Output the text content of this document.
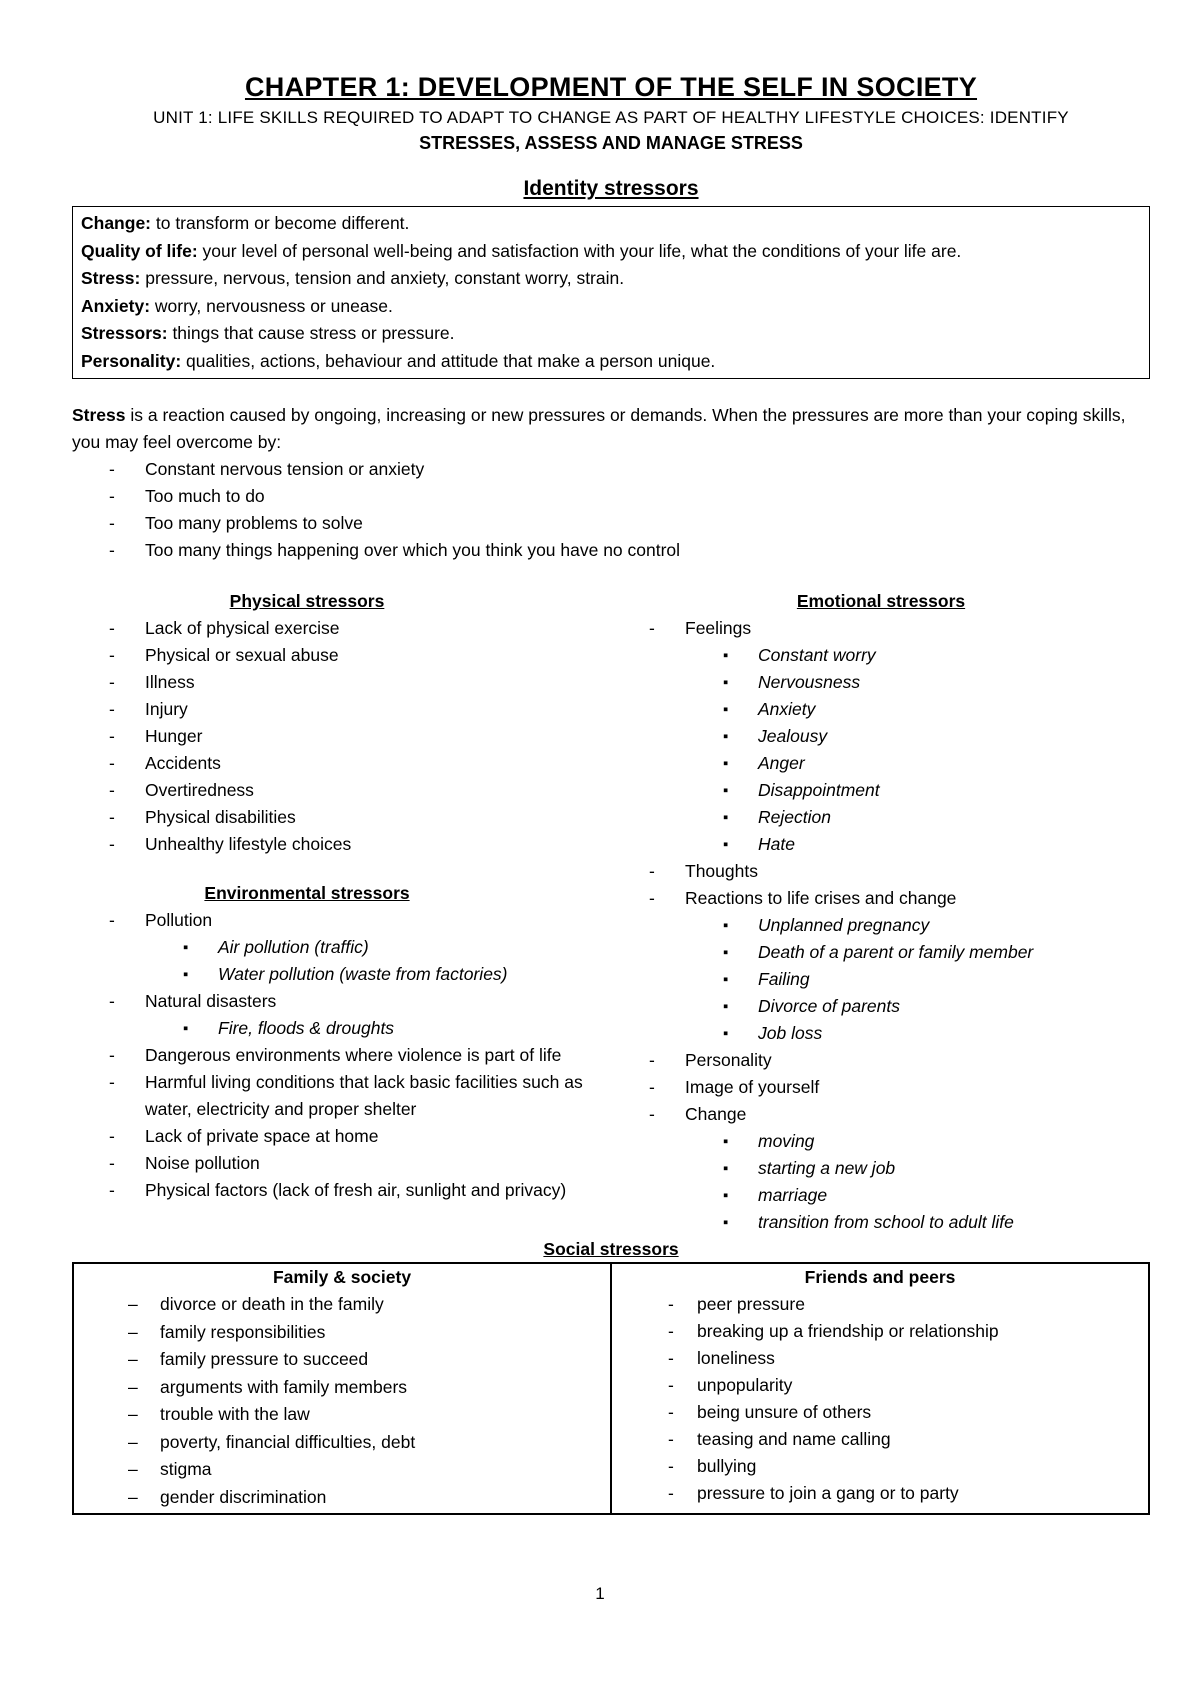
CHAPTER 1: DEVELOPMENT OF THE SELF IN SOCIETY
UNIT 1: LIFE SKILLS REQUIRED TO ADAPT TO CHANGE AS PART OF HEALTHY LIFESTYLE CHOICES: IDENTIFY
STRESSES, ASSESS AND MANAGE STRESS
Identity stressors
Change: to transform or become different.
Quality of life: your level of personal well-being and satisfaction with your life, what the conditions of your life are.
Stress: pressure, nervous, tension and anxiety, constant worry, strain.
Anxiety: worry, nervousness or unease.
Stressors: things that cause stress or pressure.
Personality: qualities, actions, behaviour and attitude that make a person unique.
Stress is a reaction caused by ongoing, increasing or new pressures or demands. When the pressures are more than your coping skills, you may feel overcome by:
- Constant nervous tension or anxiety
- Too much to do
- Too many problems to solve
- Too many things happening over which you think you have no control
Physical stressors
- Lack of physical exercise
- Physical or sexual abuse
- Illness
- Injury
- Hunger
- Accidents
- Overtiredness
- Physical disabilities
- Unhealthy lifestyle choices
Environmental stressors
- Pollution
▪ Air pollution (traffic)
▪ Water pollution (waste from factories)
- Natural disasters
▪ Fire, floods & droughts
- Dangerous environments where violence is part of life
- Harmful living conditions that lack basic facilities such as water, electricity and proper shelter
- Lack of private space at home
- Noise pollution
- Physical factors (lack of fresh air, sunlight and privacy)
Emotional stressors
- Feelings
▪ Constant worry
▪ Nervousness
▪ Anxiety
▪ Jealousy
▪ Anger
▪ Disappointment
▪ Rejection
▪ Hate
- Thoughts
- Reactions to life crises and change
▪ Unplanned pregnancy
▪ Death of a parent or family member
▪ Failing
▪ Divorce of parents
▪ Job loss
- Personality
- Image of yourself
- Change
▪ moving
▪ starting a new job
▪ marriage
▪ transition from school to adult life
Social stressors
Family & society
– divorce or death in the family
– family responsibilities
– family pressure to succeed
– arguments with family members
– trouble with the law
– poverty, financial difficulties, debt
– stigma
– gender discrimination

Friends and peers
- peer pressure
- breaking up a friendship or relationship
- loneliness
- unpopularity
- being unsure of others
- teasing and name calling
- bullying
- pressure to join a gang or to party
1
